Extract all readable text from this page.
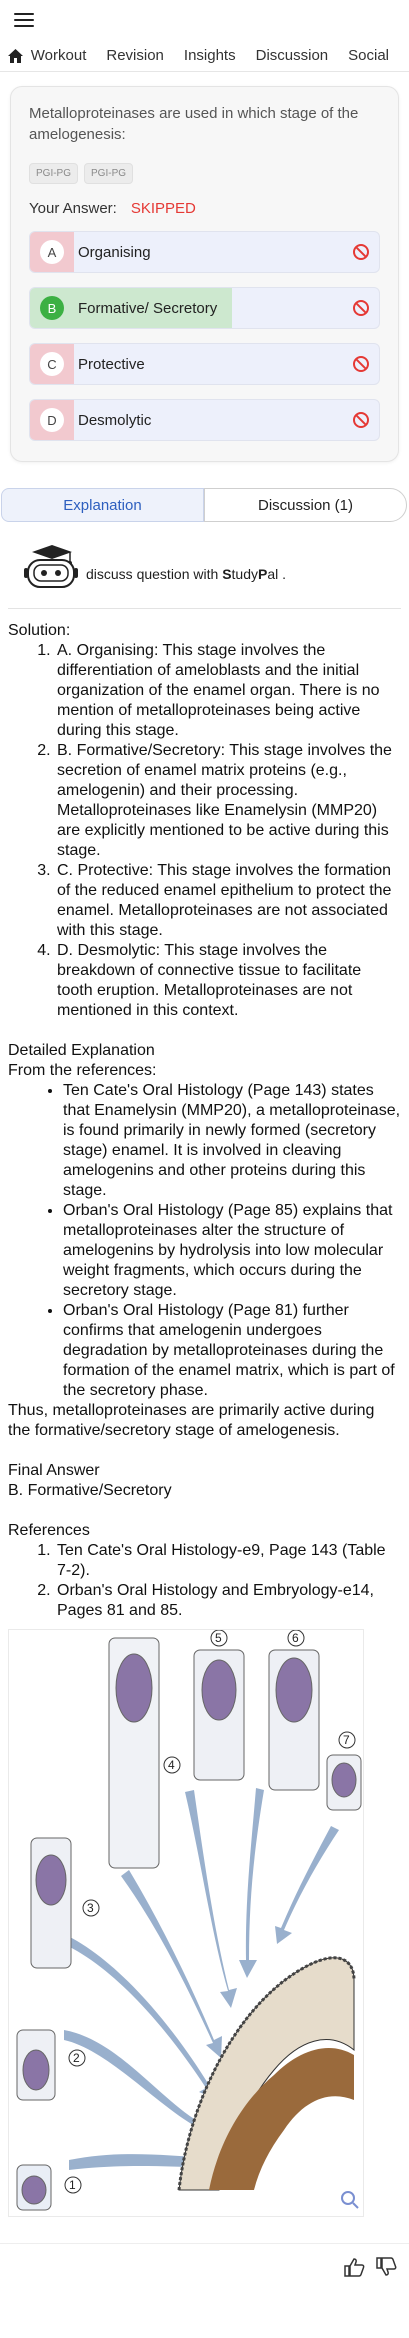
Workout Revision Insights Discussion Social
Metalloproteinases are used in which stage of the amelogenesis:
PGI-PG	PGI-PG
Your Answer: SKIPPED
A	Organising
B	Formative/ Secretory
C	Protective
D	Desmolytic
Explanation	Discussion (1)
discuss question with StudyPal .
Solution:
1. A. Organising: This stage involves the differentiation of ameloblasts and the initial organization of the enamel organ. There is no mention of metalloproteinases being active during this stage.
2. B. Formative/Secretory: This stage involves the secretion of enamel matrix proteins (e.g., amelogenin) and their processing. Metalloproteinases like Enamelysin (MMP20) are explicitly mentioned to be active during this stage.
3. C. Protective: This stage involves the formation of the reduced enamel epithelium to protect the enamel. Metalloproteinases are not associated with this stage.
4. D. Desmolytic: This stage involves the breakdown of connective tissue to facilitate tooth eruption. Metalloproteinases are not mentioned in this context.
Detailed Explanation
From the references:
• Ten Cate's Oral Histology (Page 143) states that Enamelysin (MMP20), a metalloproteinase, is found primarily in newly formed (secretory stage) enamel. It is involved in cleaving amelogenins and other proteins during this stage.
• Orban's Oral Histology (Page 85) explains that metalloproteinases alter the structure of amelogenins by hydrolysis into low molecular weight fragments, which occurs during the secretory stage.
• Orban's Oral Histology (Page 81) further confirms that amelogenin undergoes degradation by metalloproteinases during the formation of the enamel matrix, which is part of the secretory phase.
Thus, metalloproteinases are primarily active during the formative/secretory stage of amelogenesis.
Final Answer
B. Formative/Secretory
References
1. Ten Cate's Oral Histology-e9, Page 143 (Table 7-2).
2. Orban's Oral Histology and Embryology-e14, Pages 81 and 85.
1
2
3
4
5	6
7
